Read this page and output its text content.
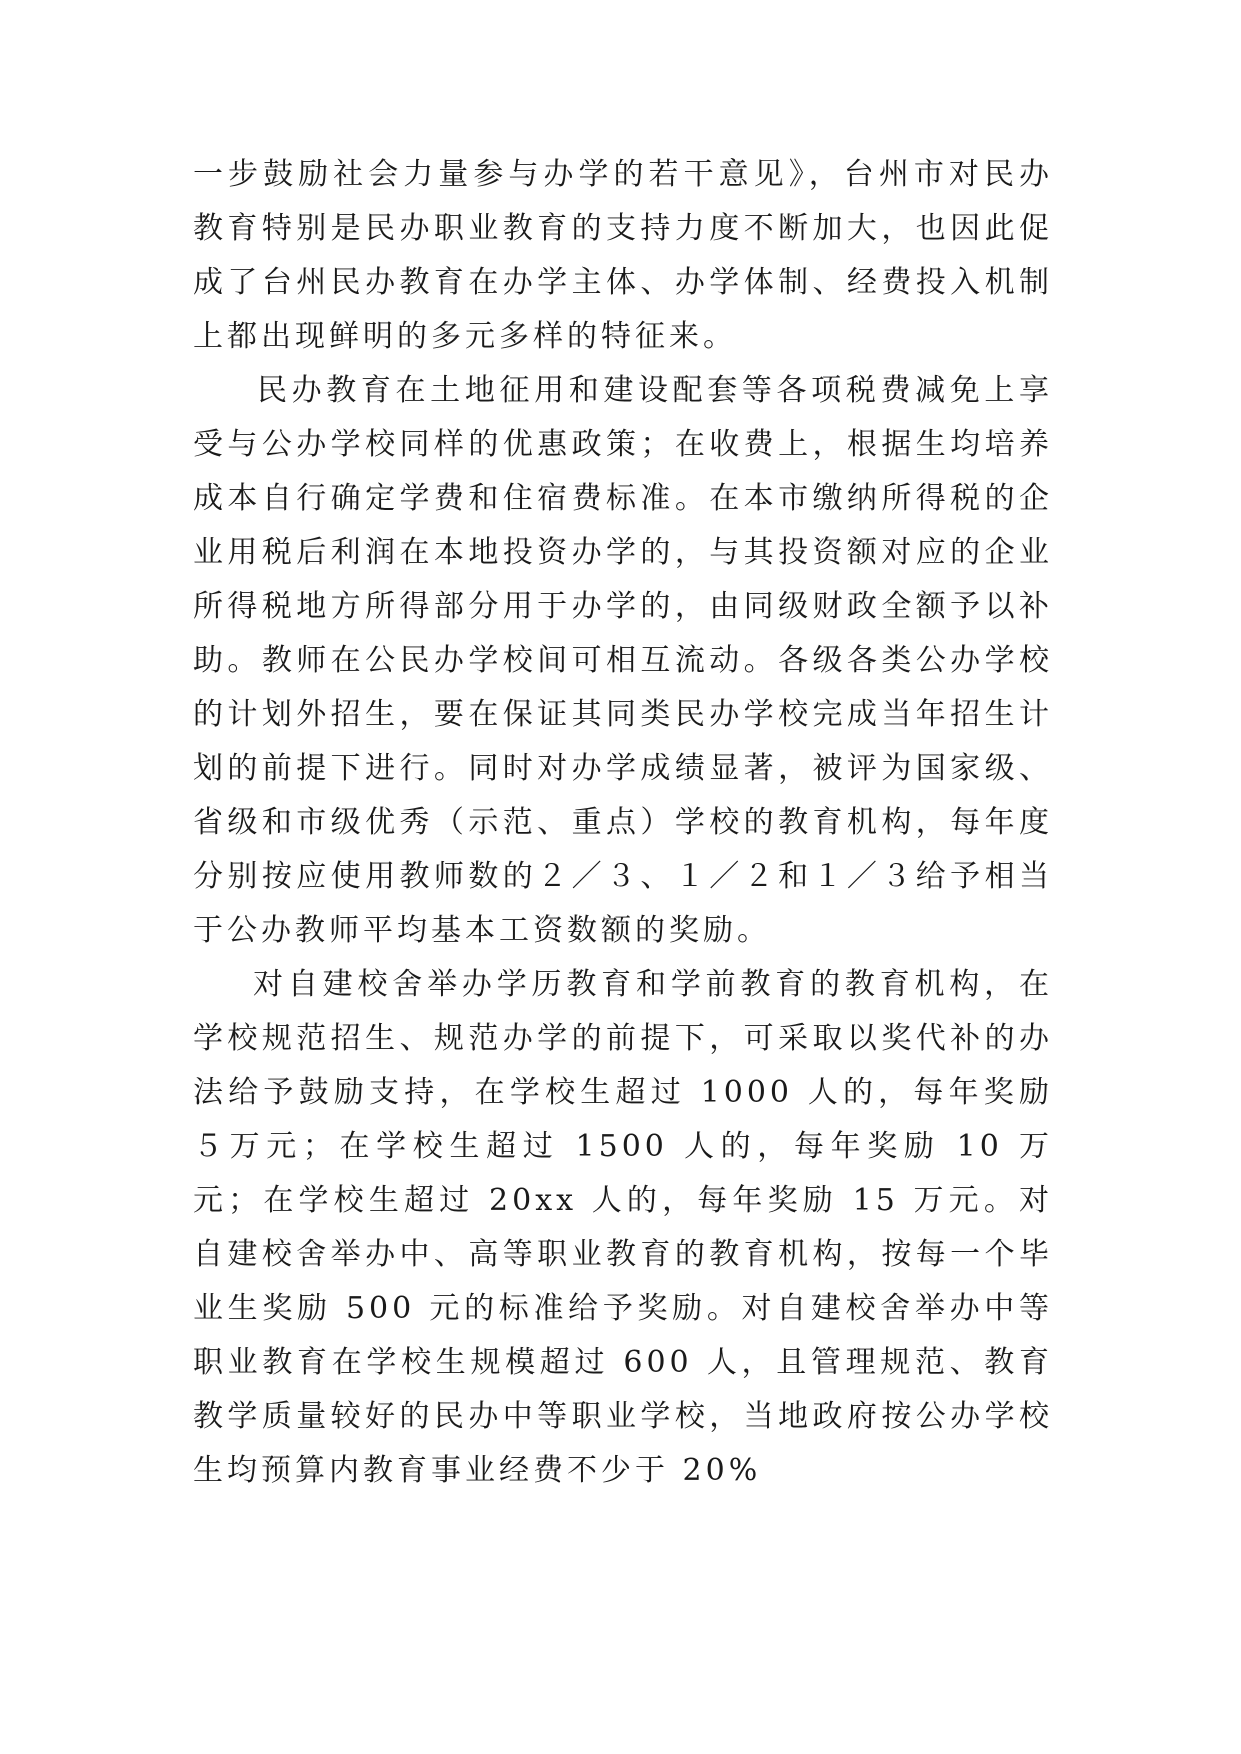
一步鼓励社会力量参与办学的若干意见》，台州市对民办教育特别是民办职业教育的支持力度不断加大，也因此促成了台州民办教育在办学主体、办学体制、经费投入机制上都出现鲜明的多元多样的特征来。

民办教育在土地征用和建设配套等各项税费减免上享受与公办学校同样的优惠政策；在收费上，根据生均培养成本自行确定学费和住宿费标准。在本市缴纳所得税的企业用税后利润在本地投资办学的，与其投资额对应的企业所得税地方所得部分用于办学的，由同级财政全额予以补助。教师在公民办学校间可相互流动。各级各类公办学校的计划外招生，要在保证其同类民办学校完成当年招生计划的前提下进行。同时对办学成绩显著，被评为国家级、省级和市级优秀（示范、重点）学校的教育机构，每年度分别按应使用教师数的２／３、１／２和１／３给予相当于公办教师平均基本工资数额的奖励。

对自建校舍举办学历教育和学前教育的教育机构，在学校规范招生、规范办学的前提下，可采取以奖代补的办法给予鼓励支持，在学校生超过 1000 人的，每年奖励５万元；在学校生超过 1500 人的，每年奖励 10 万元；在学校生超过 20xx 人的，每年奖励 15 万元。对自建校舍举办中、高等职业教育的教育机构，按每一个毕业生奖励 500 元的标准给予奖励。对自建校舍举办中等职业教育在学校生规模超过 600 人，且管理规范、教育教学质量较好的民办中等职业学校，当地政府按公办学校生均预算内教育事业经费不少于 20%
